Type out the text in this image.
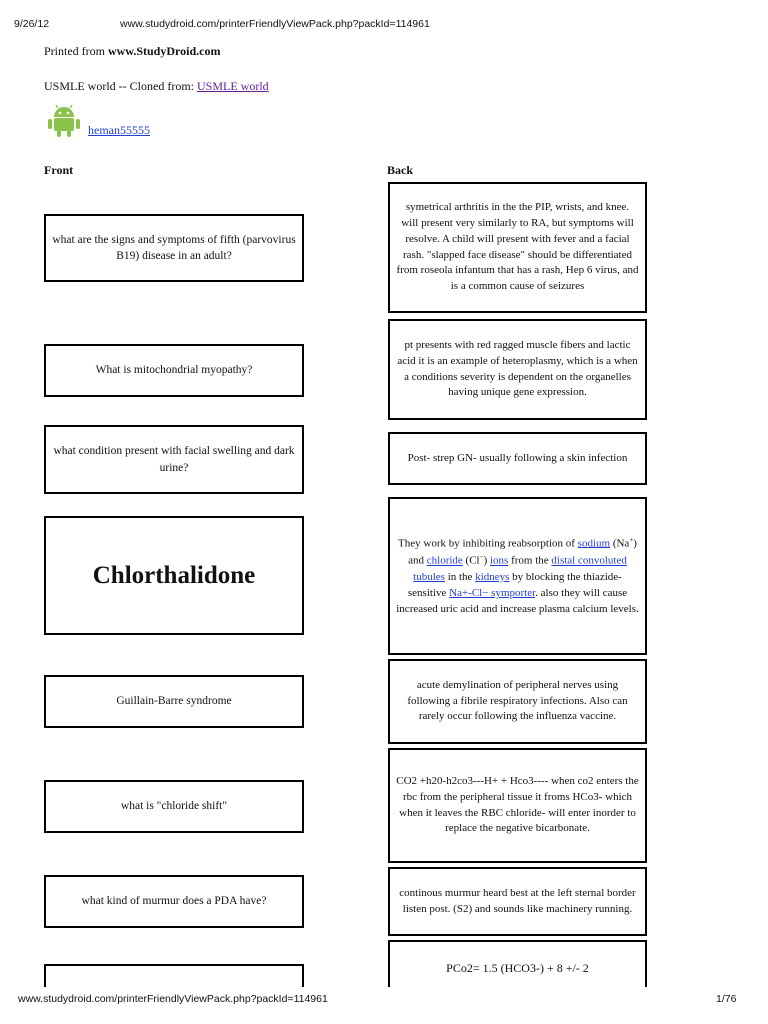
9/26/12	www.studydroid.com/printerFriendlyViewPack.php?packId=114961
Printed from www.StudyDroid.com
USMLE world -- Cloned from: USMLE world
heman55555
Front	Back
what are the signs and symptoms of fifth (parvovirus B19) disease in an adult?
symetrical arthritis in the the PIP, wrists, and knee. will present very similarly to RA, but symptoms will resolve. A child will present with fever and a facial rash. "slapped face disease" should be differentiated from roseola infantum that has a rash, Hep 6 virus, and is a common cause of seizures
What is mitochondrial myopathy?
pt presents with red ragged muscle fibers and lactic acid it is an example of heteroplasmy, which is a when a conditions severity is dependent on the organelles having unique gene expression.
what condition present with facial swelling and dark urine?
Post- strep GN- usually following a skin infection
Chlorthalidone
They work by inhibiting reabsorption of sodium (Na+) and chloride (Cl−) ions from the distal convoluted tubules in the kidneys by blocking the thiazide-sensitive Na+-Cl− symporter. also they will cause increased uric acid and increase plasma calcium levels.
Guillain-Barre syndrome
acute demylination of peripheral nerves using following a fibrile respiratory infections. Also can rarely occur following the influenza vaccine.
what is "chloride shift"
CO2 +h20-h2co3---H+ + Hco3---- when co2 enters the rbc from the peripheral tissue it froms HCo3- which when it leaves the RBC chloride- will enter inorder to replace the negative bicarbonate.
what kind of murmur does a PDA have?
continous murmur heard best at the left sternal border listen post. (S2) and sounds like machinery running.
PCo2= 1.5 (HCO3-) + 8 +/- 2
www.studydroid.com/printerFriendlyViewPack.php?packId=114961	1/76
